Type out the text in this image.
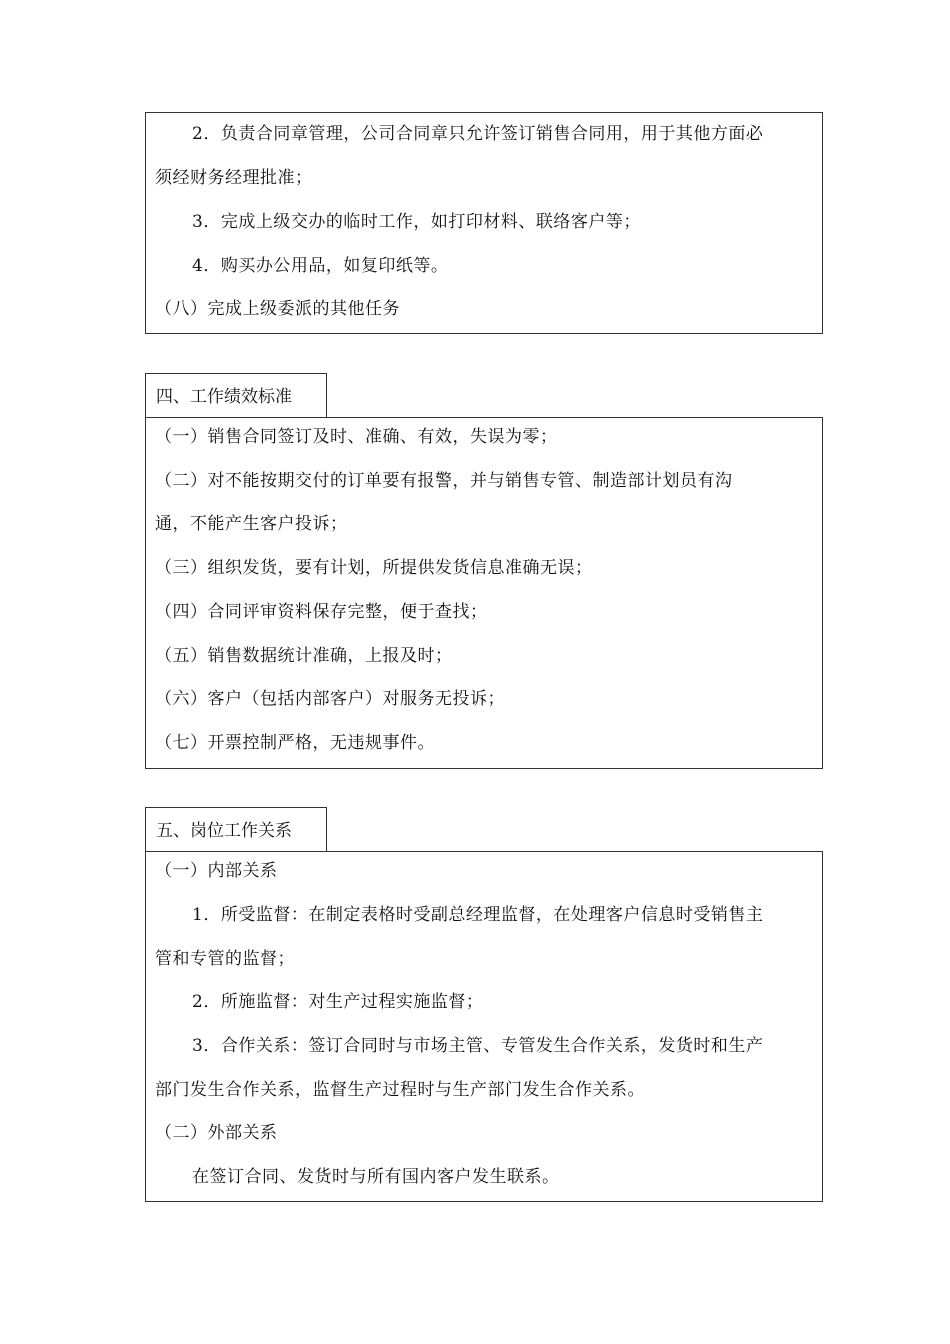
2．负责合同章管理，公司合同章只允许签订销售合同用，用于其他方面必
须经财务经理批准；
3．完成上级交办的临时工作，如打印材料、联络客户等；
4．购买办公用品，如复印纸等。
（八）完成上级委派的其他任务
四、工作绩效标准
（一）销售合同签订及时、准确、有效，失误为零；
（二）对不能按期交付的订单要有报警，并与销售专管、制造部计划员有沟
通，不能产生客户投诉；
（三）组织发货，要有计划，所提供发货信息准确无误；
（四）合同评审资料保存完整，便于查找；
（五）销售数据统计准确，上报及时；
（六）客户（包括内部客户）对服务无投诉；
（七）开票控制严格，无违规事件。
五、岗位工作关系
（一）内部关系
1．所受监督：在制定表格时受副总经理监督，在处理客户信息时受销售主
管和专管的监督；
2．所施监督：对生产过程实施监督；
3．合作关系：签订合同时与市场主管、专管发生合作关系，发货时和生产
部门发生合作关系，监督生产过程时与生产部门发生合作关系。
（二）外部关系
在签订合同、发货时与所有国内客户发生联系。
